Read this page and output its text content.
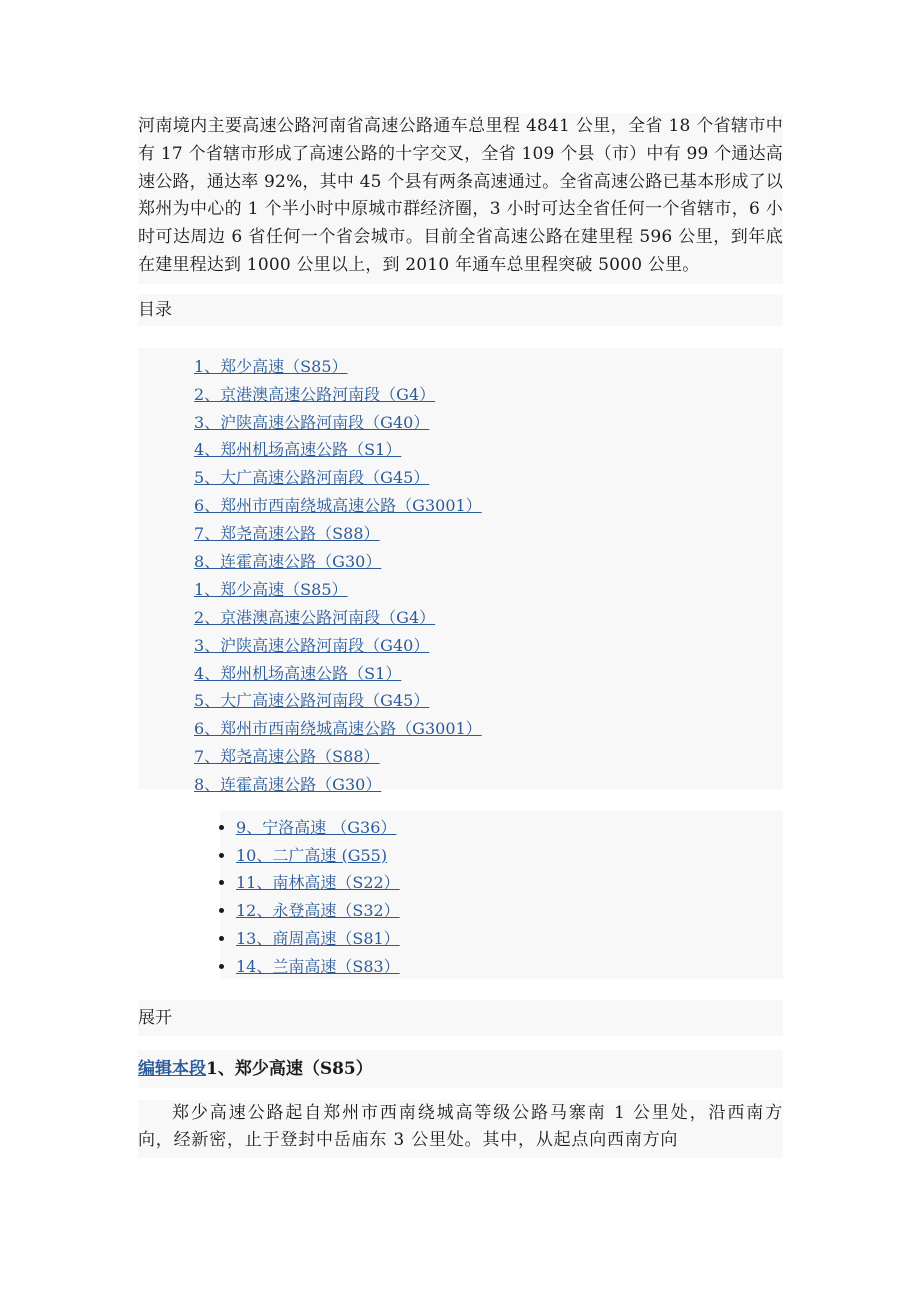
河南境内主要高速公路河南省高速公路通车总里程 4841 公里，全省 18 个省辖市中有 17 个省辖市形成了高速公路的十字交叉，全省 109 个县（市）中有 99 个通达高速公路，通达率 92%，其中 45 个县有两条高速通过。全省高速公路已基本形成了以郑州为中心的 1 个半小时中原城市群经济圈，3 小时可达全省任何一个省辖市，6 小时可达周边 6 省任何一个省会城市。目前全省高速公路在建里程 596 公里，到年底在建里程达到 1000 公里以上，到 2010 年通车总里程突破 5000 公里。

目录
1、郑少高速（S85）
2、京港澳高速公路河南段（G4）
3、沪陕高速公路河南段（G40）
4、郑州机场高速公路（S1）
5、大广高速公路河南段（G45）
6、郑州市西南绕城高速公路（G3001）
7、郑尧高速公路（S88）
8、连霍高速公路（G30）
1、郑少高速（S85）
2、京港澳高速公路河南段（G4）
3、沪陕高速公路河南段（G40）
4、郑州机场高速公路（S1）
5、大广高速公路河南段（G45）
6、郑州市西南绕城高速公路（G3001）
7、郑尧高速公路（S88）
8、连霍高速公路（G30）
• 9、宁洛高速 （G36）
• 10、二广高速 (G55)
• 11、南林高速（S22）
• 12、永登高速（S32）
• 13、商周高速（S81）
• 14、兰南高速（S83）
展开
编辑本段1、郑少高速（S85）

郑少高速公路起自郑州市西南绕城高等级公路马寨南 1 公里处，沿西南方向，经新密，止于登封中岳庙东 3 公里处。其中，从起点向西南方向
